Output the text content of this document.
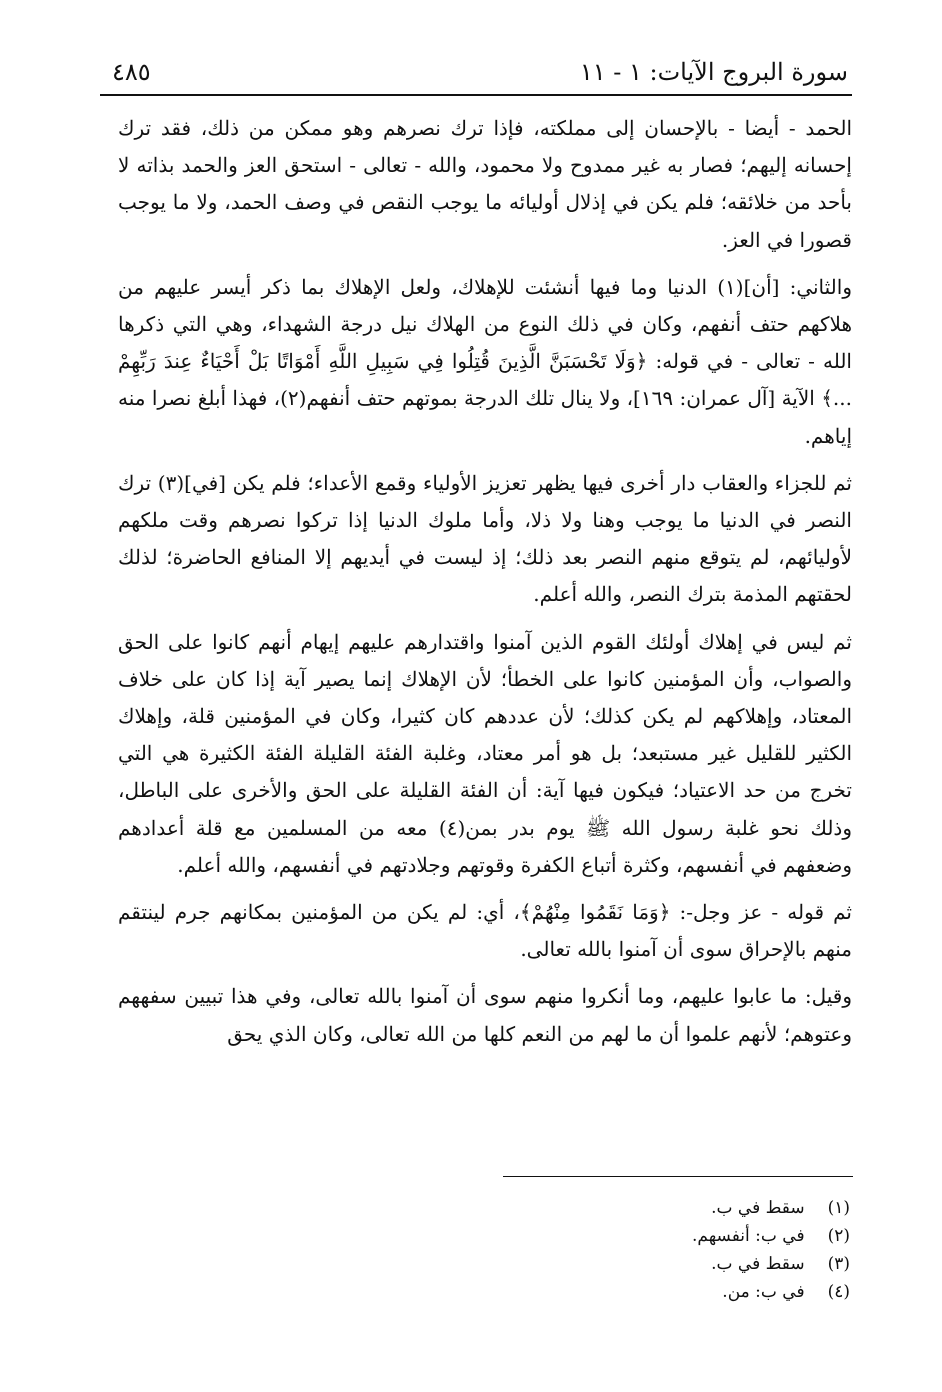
سورة البروج الآيات: ١ - ١١
٤٨٥

الحمد - أيضا - بالإحسان إلى مملكته، فإذا ترك نصرهم وهو ممكن من ذلك، فقد ترك إحسانه إليهم؛ فصار به غير ممدوح ولا محمود، والله - تعالى - استحق العز والحمد بذاته لا بأحد من خلائقه؛ فلم يكن في إذلال أوليائه ما يوجب النقص في وصف الحمد، ولا ما يوجب قصورا في العز.

والثاني: [أن](١) الدنيا وما فيها أنشئت للإهلاك، ولعل الإهلاك بما ذكر أيسر عليهم من هلاكهم حتف أنفهم، وكان في ذلك النوع من الهلاك نيل درجة الشهداء، وهي التي ذكرها الله - تعالى - في قوله: ﴿وَلَا تَحْسَبَنَّ الَّذِينَ قُتِلُوا فِي سَبِيلِ اللَّهِ أَمْوَاتًا بَلْ أَحْيَاءٌ عِندَ رَبِّهِمْ ...﴾ الآية [آل عمران: ١٦٩]، ولا ينال تلك الدرجة بموتهم حتف أنفهم(٢)، فهذا أبلغ نصرا منه إياهم.

ثم للجزاء والعقاب دار أخرى فيها يظهر تعزيز الأولياء وقمع الأعداء؛ فلم يكن [في](٣) ترك النصر في الدنيا ما يوجب وهنا ولا ذلا، وأما ملوك الدنيا إذا تركوا نصرهم وقت ملكهم لأوليائهم، لم يتوقع منهم النصر بعد ذلك؛ إذ ليست في أيديهم إلا المنافع الحاضرة؛ لذلك لحقتهم المذمة بترك النصر، والله أعلم.

ثم ليس في إهلاك أولئك القوم الذين آمنوا واقتدارهم عليهم إيهام أنهم كانوا على الحق والصواب، وأن المؤمنين كانوا على الخطأ؛ لأن الإهلاك إنما يصير آية إذا كان على خلاف المعتاد، وإهلاكهم لم يكن كذلك؛ لأن عددهم كان كثيرا، وكان في المؤمنين قلة، وإهلاك الكثير للقليل غير مستبعد؛ بل هو أمر معتاد، وغلبة الفئة القليلة الفئة الكثيرة هي التي تخرج من حد الاعتياد؛ فيكون فيها آية: أن الفئة القليلة على الحق والأخرى على الباطل، وذلك نحو غلبة رسول الله ﷺ يوم بدر بمن(٤) معه من المسلمين مع قلة أعدادهم وضعفهم في أنفسهم، وكثرة أتباع الكفرة وقوتهم وجلادتهم في أنفسهم، والله أعلم.

ثم قوله - عز وجل-: ﴿وَمَا نَقَمُوا مِنْهُمْ﴾، أي: لم يكن من المؤمنين بمكانهم جرم لينتقم منهم بالإحراق سوى أن آمنوا بالله تعالى.

وقيل: ما عابوا عليهم، وما أنكروا منهم سوى أن آمنوا بالله تعالى، وفي هذا تبيين سفههم وعتوهم؛ لأنهم علموا أن ما لهم من النعم كلها من الله تعالى، وكان الذي يحق

(١) سقط في ب.
(٢) في ب: أنفسهم.
(٣) سقط في ب.
(٤) في ب: من.
